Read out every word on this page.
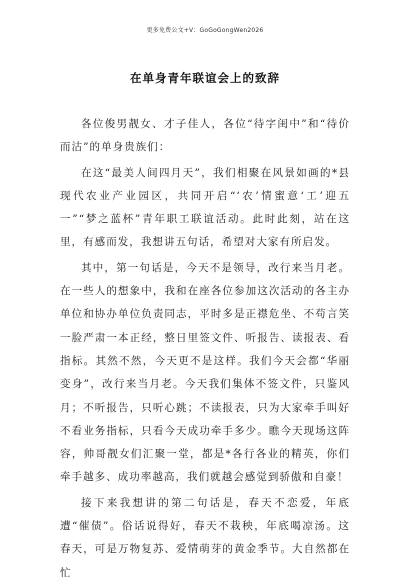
更多免费公文+V：GoGoGongWen2026
在单身青年联谊会上的致辞

各位俊男靓女、才子佳人，各位“待字闺中”和“待价而沽”的单身贵族们：

在这“最美人间四月天”，我们相聚在风景如画的*县现代农业产业园区，共同开启“‘农’情蜜意‘工’迎五一”“梦之蓝杯”青年职工联谊活动。此时此刻，站在这里，有感而发，我想讲五句话，希望对大家有所启发。

其中，第一句话是，今天不是领导，改行来当月老。在一些人的想象中，我和在座各位参加这次活动的各主办单位和协办单位负责同志，平时多是正襟危坐、不苟言笑一脸严肃一本正经，整日里签文件、听报告、读报表、看指标。其然不然，今天更不是这样。我们今天会都“华丽变身”，改行来当月老。今天我们集体不签文件，只鉴风月；不听报告，只听心跳；不读报表，只为大家牵手叫好不看业务指标，只看今天成功牵手多少。瞧今天现场这阵容，帅哥靓女们汇聚一堂，都是*各行各业的精英，你们牵手越多、成功率越高，我们就越会感觉到骄傲和自豪！

接下来我想讲的第二句话是，春天不恋爱，年底遭“催债”。俗话说得好，春天不栽秧，年底喝凉汤。这春天，可是万物复苏、爱情萌芽的黄金季节。大自然都在忙
